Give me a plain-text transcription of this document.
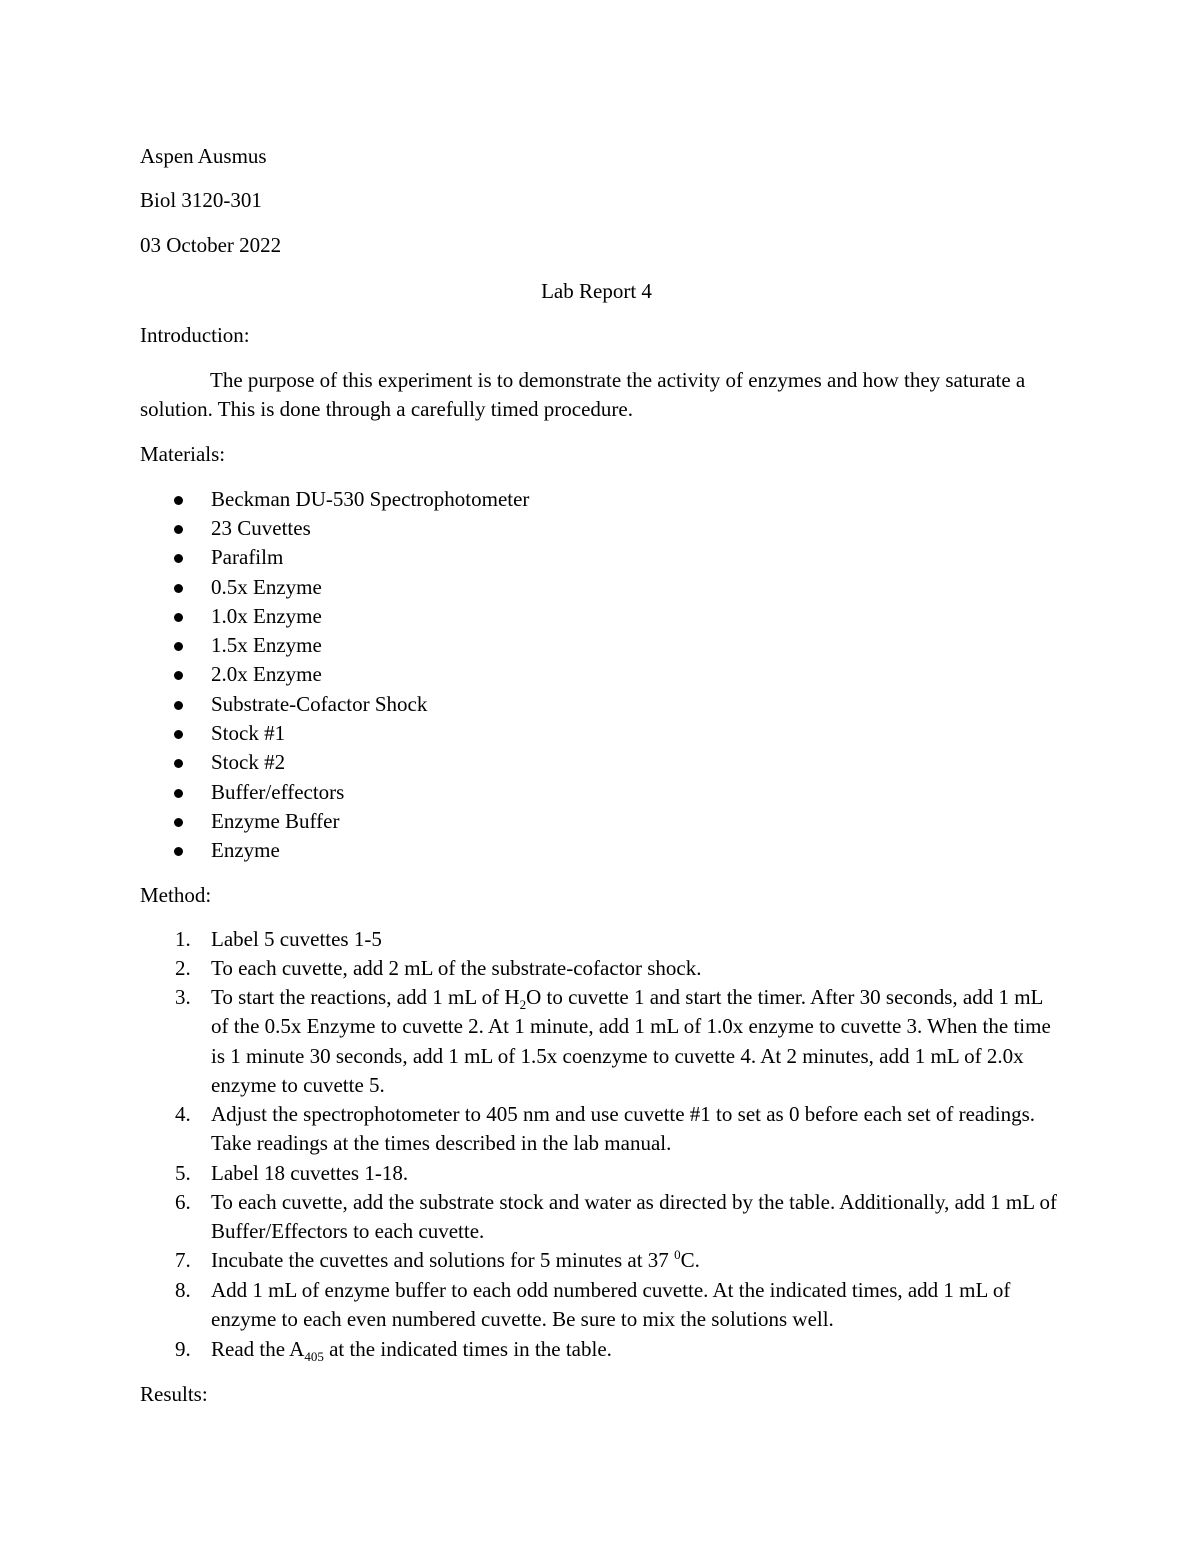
Aspen Ausmus
Biol 3120-301
03 October 2022
Lab Report 4
Introduction:
The purpose of this experiment is to demonstrate the activity of enzymes and how they saturate a solution. This is done through a carefully timed procedure.
Materials:
Beckman DU-530 Spectrophotometer
23 Cuvettes
Parafilm
0.5x Enzyme
1.0x Enzyme
1.5x Enzyme
2.0x Enzyme
Substrate-Cofactor Shock
Stock #1
Stock #2
Buffer/effectors
Enzyme Buffer
Enzyme
Method:
1. Label 5 cuvettes 1-5
2. To each cuvette, add 2 mL of the substrate-cofactor shock.
3. To start the reactions, add 1 mL of $H_2O$ to cuvette 1 and start the timer. After 30 seconds, add 1 mL of the 0.5x Enzyme to cuvette 2. At 1 minute, add 1 mL of 1.0x enzyme to cuvette 3. When the time is 1 minute 30 seconds, add 1 mL of 1.5x coenzyme to cuvette 4. At 2 minutes, add 1 mL of 2.0x enzyme to cuvette 5.
4. Adjust the spectrophotometer to 405 nm and use cuvette #1 to set as 0 before each set of readings. Take readings at the times described in the lab manual.
5. Label 18 cuvettes 1-18.
6. To each cuvette, add the substrate stock and water as directed by the table. Additionally, add 1 mL of Buffer/Effectors to each cuvette.
7. Incubate the cuvettes and solutions for 5 minutes at 37 $^0$C.
8. Add 1 mL of enzyme buffer to each odd numbered cuvette. At the indicated times, add 1 mL of enzyme to each even numbered cuvette. Be sure to mix the solutions well.
9. Read the $A_{405}$ at the indicated times in the table.
Results:
